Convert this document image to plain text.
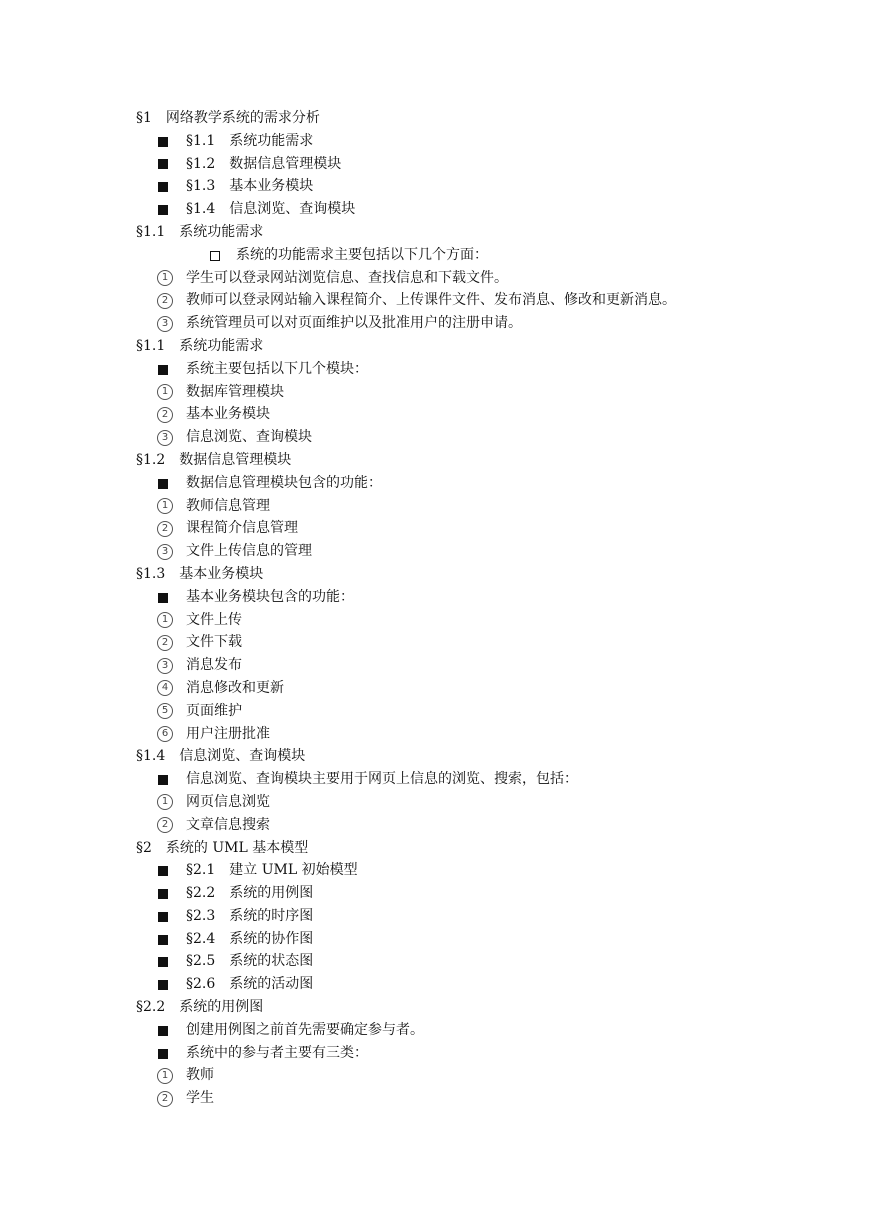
§1 网络教学系统的需求分析
§1.1 系统功能需求
§1.2 数据信息管理模块
§1.3 基本业务模块
§1.4 信息浏览、查询模块
§1.1 系统功能需求
系统的功能需求主要包括以下几个方面：
1	学生可以登录网站浏览信息、查找信息和下载文件。
2	教师可以登录网站输入课程简介、上传课件文件、发布消息、修改和更新消息。
3	系统管理员可以对页面维护以及批准用户的注册申请。
§1.1 系统功能需求
系统主要包括以下几个模块：
1	数据库管理模块
2	基本业务模块
3	信息浏览、查询模块
§1.2 数据信息管理模块
数据信息管理模块包含的功能：
1	教师信息管理
2	课程简介信息管理
3	文件上传信息的管理
§1.3 基本业务模块
基本业务模块包含的功能：
1	文件上传
2	文件下载
3	消息发布
4	消息修改和更新
5	页面维护
6	用户注册批准
§1.4 信息浏览、查询模块
信息浏览、查询模块主要用于网页上信息的浏览、搜索，包括：
1	网页信息浏览
2	文章信息搜索
§2 系统的 UML 基本模型
§2.1 建立 UML 初始模型
§2.2 系统的用例图
§2.3 系统的时序图
§2.4 系统的协作图
§2.5 系统的状态图
§2.6 系统的活动图
§2.2 系统的用例图
创建用例图之前首先需要确定参与者。
系统中的参与者主要有三类：
1	教师
2	学生
